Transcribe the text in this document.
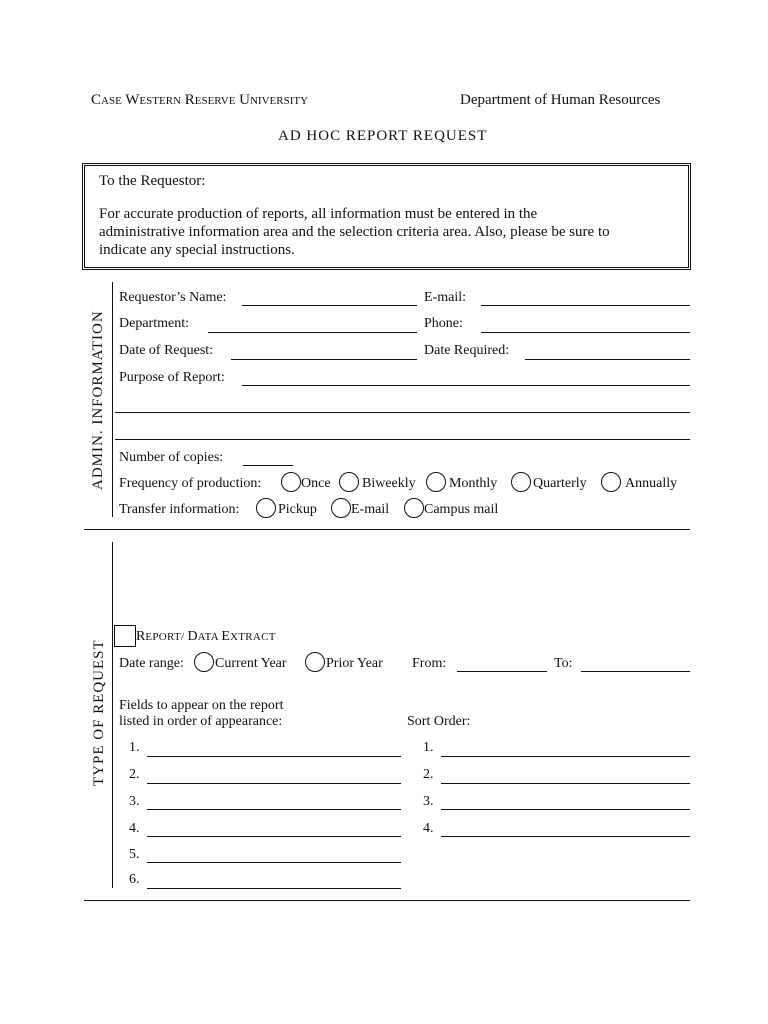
Case Western Reserve University	Department of Human Resources
AD HOC REPORT REQUEST
To the Requestor:
For accurate production of reports, all information must be entered in the
administrative information area and the selection criteria area. Also, please be sure to
indicate any special instructions.
ADMIN. INFORMATION
Requestor’s Name:	E-mail:
Department:	Phone:
Date of Request:	Date Required:
Purpose of Report:
Number of copies:
Frequency of production:	Once Biweekly Monthly	Quarterly	Annually
Transfer information:	Pickup E-mail Campus mail
TYPE OF REQUEST
REPORT/ DATA EXTRACT
Date range: Current Year	Prior Year From:	To:
Fields to appear on the report
listed in order of appearance:	Sort Order:
1.
2.
3.
4.
5.
6.
1.
2.
3.
4.
